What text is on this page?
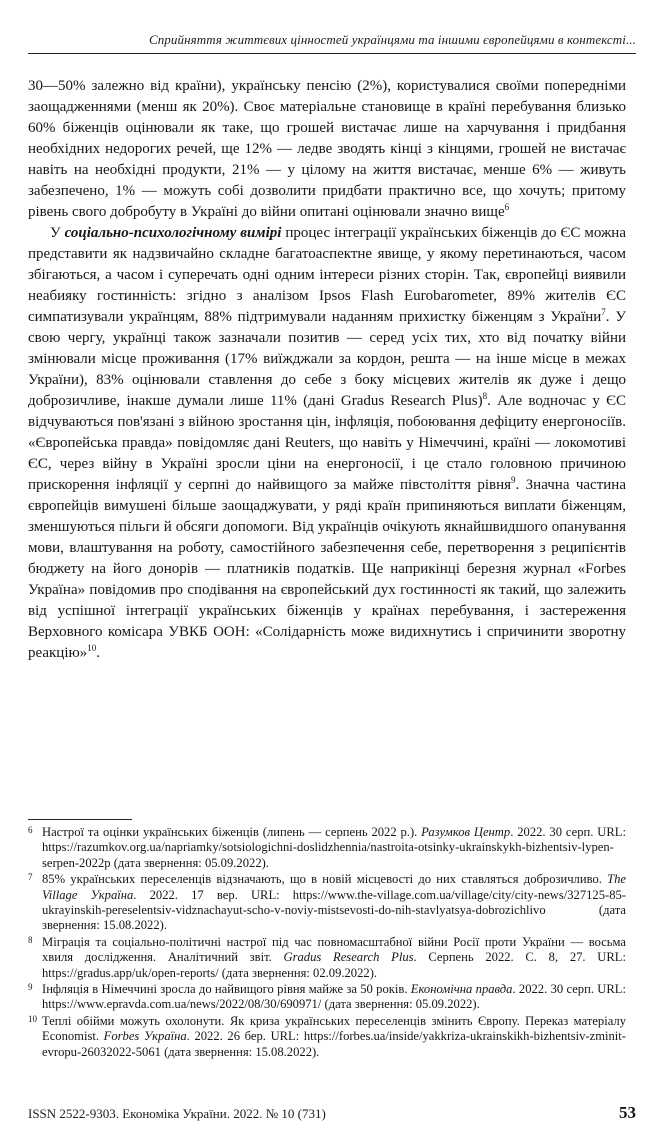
Сприйняття життєвих цінностей українцями та іншими європейцями в контексті...

30—50% залежно від країни), українську пенсію (2%), користувалися своїми попередніми заощадженнями (менш як 20%). Своє матеріальне становище в країні перебування близько 60% біженців оцінювали як таке, що грошей вистачає лише на харчування і придбання необхідних недорогих речей, ще 12% — ледве зводять кінці з кінцями, грошей не вистачає навіть на необхідні продукти, 21% — у цілому на життя вистачає, менше 6% — живуть забезпечено, 1% — можуть собі дозволити придбати практично все, що хочуть; притому рівень свого добробуту в Україні до війни опитані оцінювали значно вище$^6$

У соціально-психологічному вимірі процес інтеграції українських біженців до ЄС можна представити як надзвичайно складне багатоаспектне явище, у якому перетинаються, часом збігаються, а часом і суперечать одні одним інтереси різних сторін. Так, європейці виявили неабияку гостинність: згідно з аналізом Ipsos Flash Eurobarometer, 89% жителів ЄС симпатизували українцям, 88% підтримували наданням прихистку біженцям з України$^7$. У свою чергу, українці також зазначали позитив — серед усіх тих, хто від початку війни змінювали місце проживання (17% виїжджали за кордон, решта — на інше місце в межах України), 83% оцінювали ставлення до себе з боку місцевих жителів як дуже і дещо доброзичливе, інакше думали лише 11% (дані Gradus Research Plus)$^8$. Але водночас у ЄС відчуваються пов'язані з війною зростання цін, інфляція, побоювання дефіциту енергоносіїв. «Європейська правда» повідомляє дані Reuters, що навіть у Німеччині, країні — локомотиві ЄС, через війну в Україні зросли ціни на енергоносії, і це стало головною причиною прискорення інфляції у серпні до найвищого за майже півстоліття рівня$^9$. Значна частина європейців вимушені більше заощаджувати, у ряді країн припиняються виплати біженцям, зменшуються пільги й обсяги допомоги. Від українців очікують якнайшвидшого опанування мови, влаштування на роботу, самостійного забезпечення себе, перетворення з реципієнтів бюджету на його донорів — платників податків. Ще наприкінці березня журнал «Forbes Україна» повідомив про сподівання на європейський дух гостинності як такий, що залежить від успішної інтеграції українських біженців у країнах перебування, і застереження Верховного комісара УВКБ ООН: «Солідарність може видихнутись і спричинити зворотну реакцію»$^{10}$.

6 Настрої та оцінки українських біженців (липень — серпень 2022 р.). Разумков Центр. 2022. 30 серп. URL: https://razumkov.org.ua/napriamky/sotsiologichni-doslidzhennia/nastroita-otsinky-ukrainskykh-bizhentsiv-lypen-serpen-2022p (дата звернення: 05.09.2022).

7 85% українських переселенців відзначають, що в новій місцевості до них ставляться доброзичливо. The Village Україна. 2022. 17 вер. URL: https://www.the-village.com.ua/village/city/city-news/327125-85-ukrayinskih-pereselentsiv-vidznachayut-scho-v-noviy-mistsevosti-do-nih-stavlyatsya-dobrozichlivo (дата звернення: 15.08.2022).

8 Міграція та соціально-політичні настрої під час повномасштабної війни Росії проти України — восьма хвиля дослідження. Аналітичний звіт. Gradus Research Plus. Серпень 2022. С. 8, 27. URL: https://gradus.app/uk/open-reports/ (дата звернення: 02.09.2022).

9 Інфляція в Німеччині зросла до найвищого рівня майже за 50 років. Економічна правда. 2022. 30 серп. URL: https://www.epravda.com.ua/news/2022/08/30/690971/ (дата звернення: 05.09.2022).

10 Теплі обійми можуть охолонути. Як криза українських переселенців змінить Європу. Переказ матеріалу Economist. Forbes Україна. 2022. 26 бер. URL: https://forbes.ua/inside/yakkriza-ukrainskikh-bizhentsiv-zminit-evropu-26032022-5061 (дата звернення: 15.08.2022).

ISSN 2522-9303. Економіка України. 2022. № 10 (731)	53
